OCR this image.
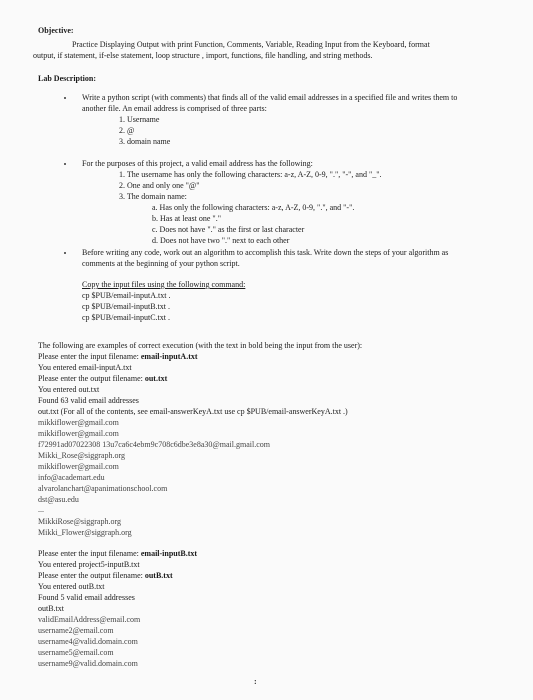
Objective:
Practice Displaying Output with print Function, Comments, Variable, Reading Input from the Keyboard, format
output, if statement, if-else statement, loop structure , import, functions, file handling, and string methods.
Lab Description:
Write a python script (with comments) that finds all of the valid email addresses in a specified file and writes them to
another file. An email address is comprised of three parts:
1. Username
2. @
3. domain name
For the purposes of this project, a valid email address has the following:
1. The username has only the following characters: a-z, A-Z, 0-9, ".", "-", and "_".
2. One and only one "@"
3. The domain name:
a. Has only the following characters: a-z, A-Z, 0-9, ".", and "-".
b. Has at least one "."
c. Does not have "." as the first or last character
d. Does not have two "." next to each other
Before writing any code, work out an algorithm to accomplish this task. Write down the steps of your algorithm as
comments at the beginning of your python script.
Copy the input files using the following command:
cp $PUB/email-inputA.txt .
cp $PUB/email-inputB.txt .
cp $PUB/email-inputC.txt .
The following are examples of correct execution (with the text in bold being the input from the user):
Please enter the input filename: email-inputA.txt
You entered email-inputA.txt
Please enter the output filename: out.txt
You entered out.txt
Found 63 valid email addresses
out.txt (For all of the contents, see email-answerKeyA.txt use cp $PUB/email-answerKeyA.txt .)
mikkiflower@gmail.com
mikkiflower@gmail.com
f72991ad07022308 13u7ca6c4ebm9c708c6dbe3e8a30@mail.gmail.com
Mikki_Rose@siggraph.org
mikkiflower@gmail.com
info@academart.edu
alvarolanchart@apanimationschool.com
dst@asu.edu
...
MikkiRose@siggraph.org
Mikki_Flower@siggraph.org
Please enter the input filename: email-inputB.txt
You entered project5-inputB.txt
Please enter the output filename: outB.txt
You entered outB.txt
Found 5 valid email addresses
outB.txt
validEmailAddress@email.com
username2@email.com
username4@valid.domain.com
username5@email.com
username9@valid.domain.com
:
